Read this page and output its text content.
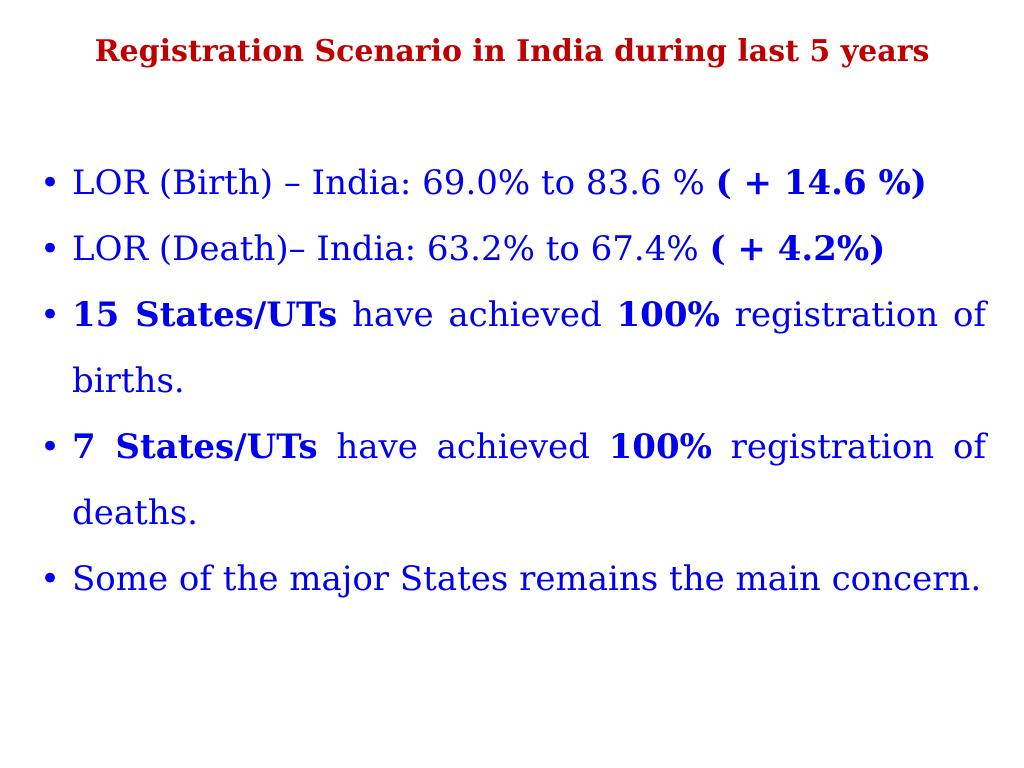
Registration Scenario in India during last 5 years
• LOR (Birth) – India: 69.0% to 83.6 % ( + 14.6 %)
• LOR (Death)– India: 63.2% to 67.4% ( + 4.2%)
• 15 States/UTs have achieved 100% registration of births.
• 7 States/UTs have achieved 100% registration of deaths.
• Some of the major States remains the main concern.
